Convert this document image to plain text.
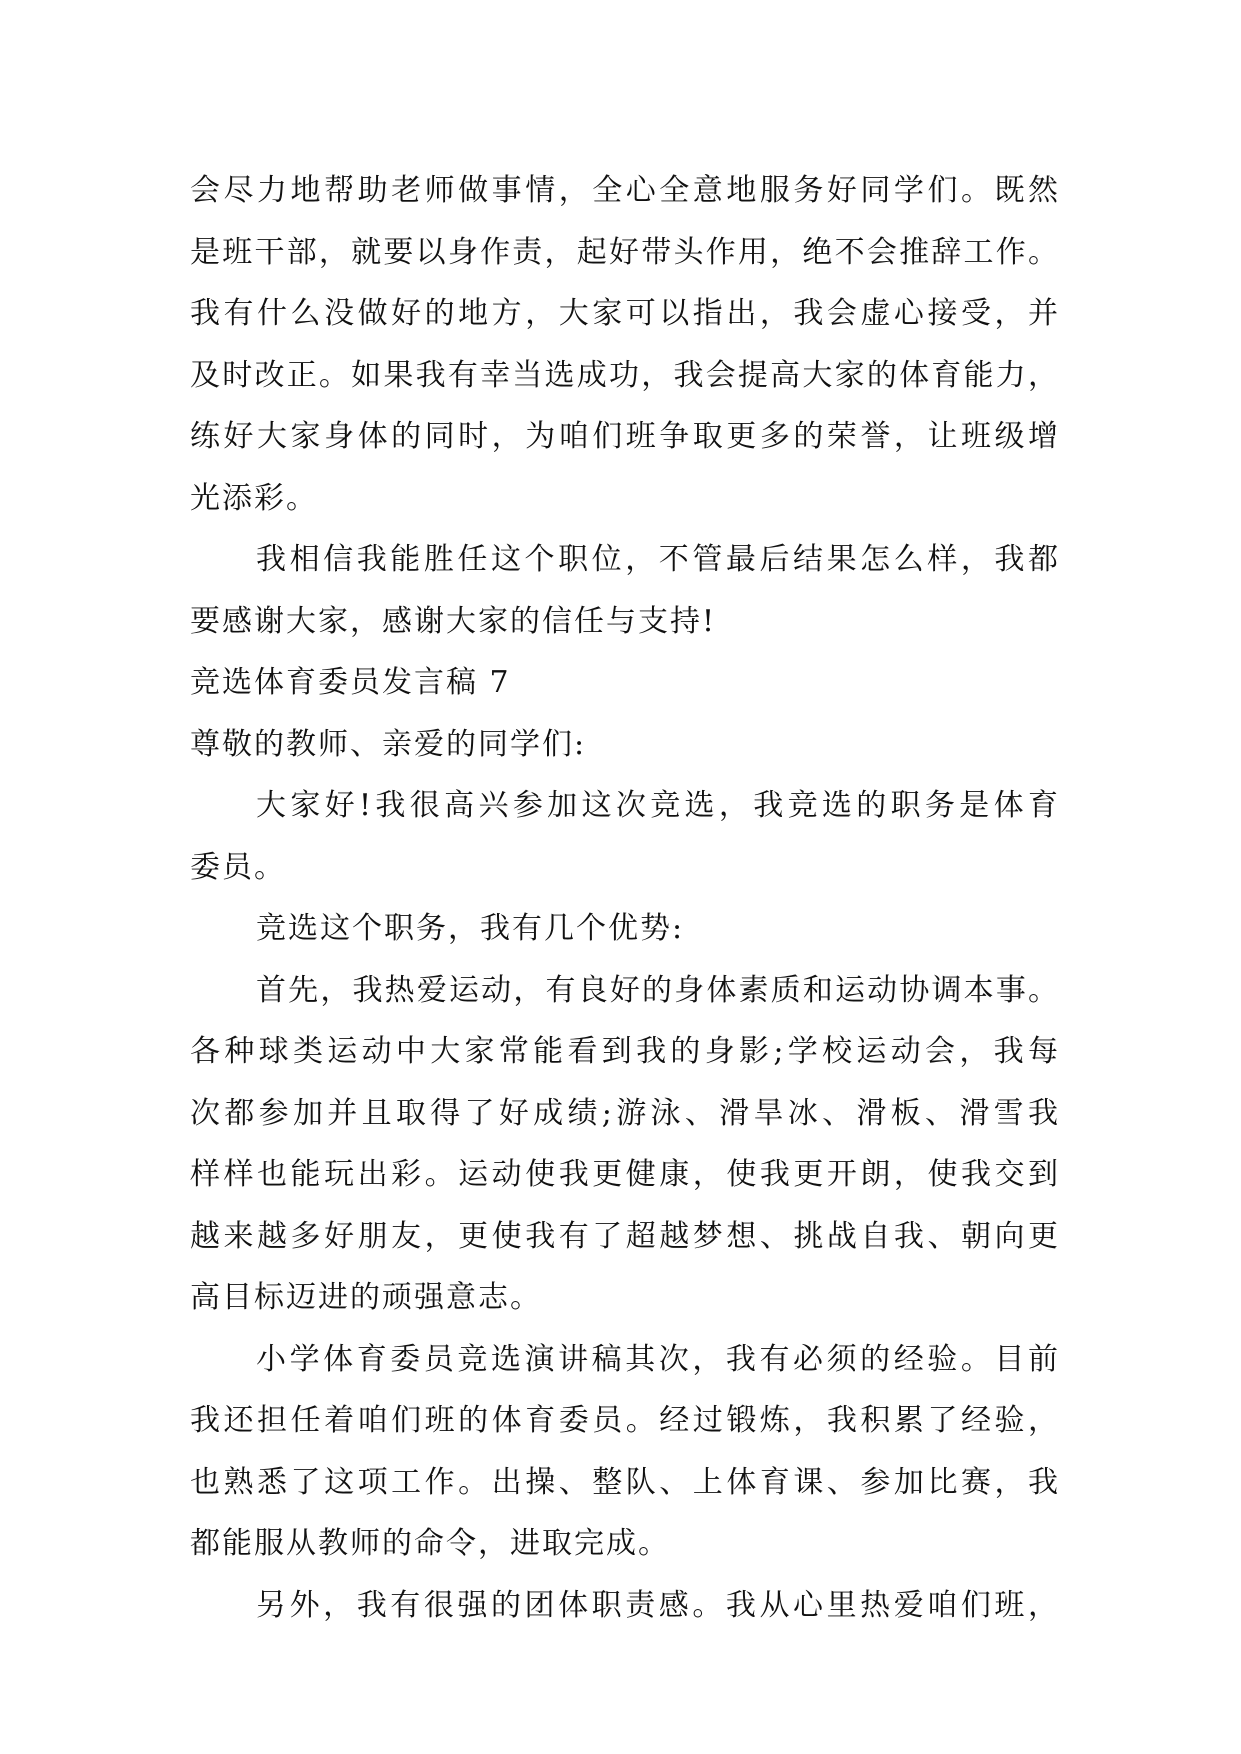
会尽力地帮助老师做事情，全心全意地服务好同学们。既然
是班干部，就要以身作责，起好带头作用，绝不会推辞工作。
我有什么没做好的地方，大家可以指出，我会虚心接受，并
及时改正。如果我有幸当选成功，我会提高大家的体育能力，
练好大家身体的同时，为咱们班争取更多的荣誉，让班级增
光添彩。
我相信我能胜任这个职位，不管最后结果怎么样，我都
要感谢大家，感谢大家的信任与支持!
竞选体育委员发言稿 7
尊敬的教师、亲爱的同学们:
大家好!我很高兴参加这次竞选，我竞选的职务是体育
委员。
竞选这个职务，我有几个优势:
首先，我热爱运动，有良好的身体素质和运动协调本事。
各种球类运动中大家常能看到我的身影;学校运动会，我每
次都参加并且取得了好成绩;游泳、滑旱冰、滑板、滑雪我
样样也能玩出彩。运动使我更健康，使我更开朗，使我交到
越来越多好朋友，更使我有了超越梦想、挑战自我、朝向更
高目标迈进的顽强意志。
小学体育委员竞选演讲稿其次，我有必须的经验。目前
我还担任着咱们班的体育委员。经过锻炼，我积累了经验，
也熟悉了这项工作。出操、整队、上体育课、参加比赛，我
都能服从教师的命令，进取完成。
另外，我有很强的团体职责感。我从心里热爱咱们班，
